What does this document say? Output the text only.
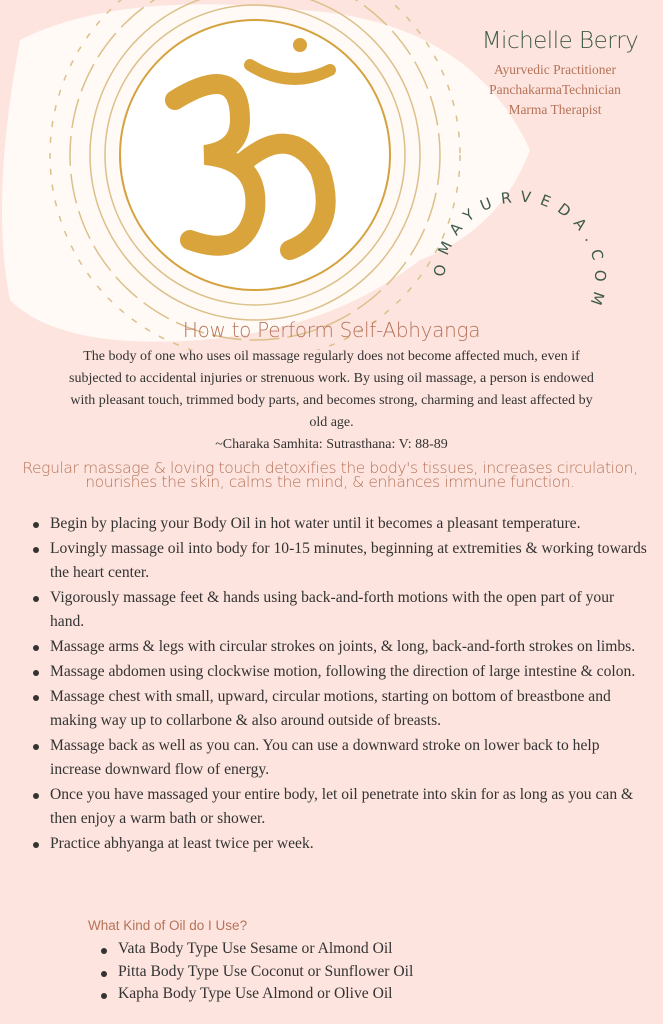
OMAYURVEDA.COM
Michelle Berry
Ayurvedic Practitioner
PanchakarmaTechnician
Marma Therapist
How to Perform Self-Abhyanga
The body of one who uses oil massage regularly does not become affected much, even if subjected to accidental injuries or strenuous work. By using oil massage, a person is endowed with pleasant touch, trimmed body parts, and becomes strong, charming and least affected by old age.
~Charaka Samhita: Sutrasthana: V: 88-89
Regular massage & loving touch detoxifies the body's tissues, increases circulation, nourishes the skin, calms the mind, & enhances immune function.
Begin by placing your Body Oil in hot water until it becomes a pleasant temperature.
Lovingly massage oil into body for 10-15 minutes, beginning at extremities & working towards the heart center.
Vigorously massage feet & hands using back-and-forth motions with the open part of your hand.
Massage arms & legs with circular strokes on joints, & long, back-and-forth strokes on limbs.
Massage abdomen using clockwise motion, following the direction of large intestine & colon.
Massage chest with small, upward, circular motions, starting on bottom of breastbone and making way up to collarbone & also around outside of breasts.
Massage back as well as you can. You can use a downward stroke on lower back to help increase downward flow of energy.
Once you have massaged your entire body, let oil penetrate into skin for as long as you can & then enjoy a warm bath or shower.
Practice abhyanga at least twice per week.
What Kind of Oil do I Use?
Vata Body Type Use Sesame or Almond Oil
Pitta Body Type Use Coconut or Sunflower Oil
Kapha Body Type Use Almond or Olive Oil
